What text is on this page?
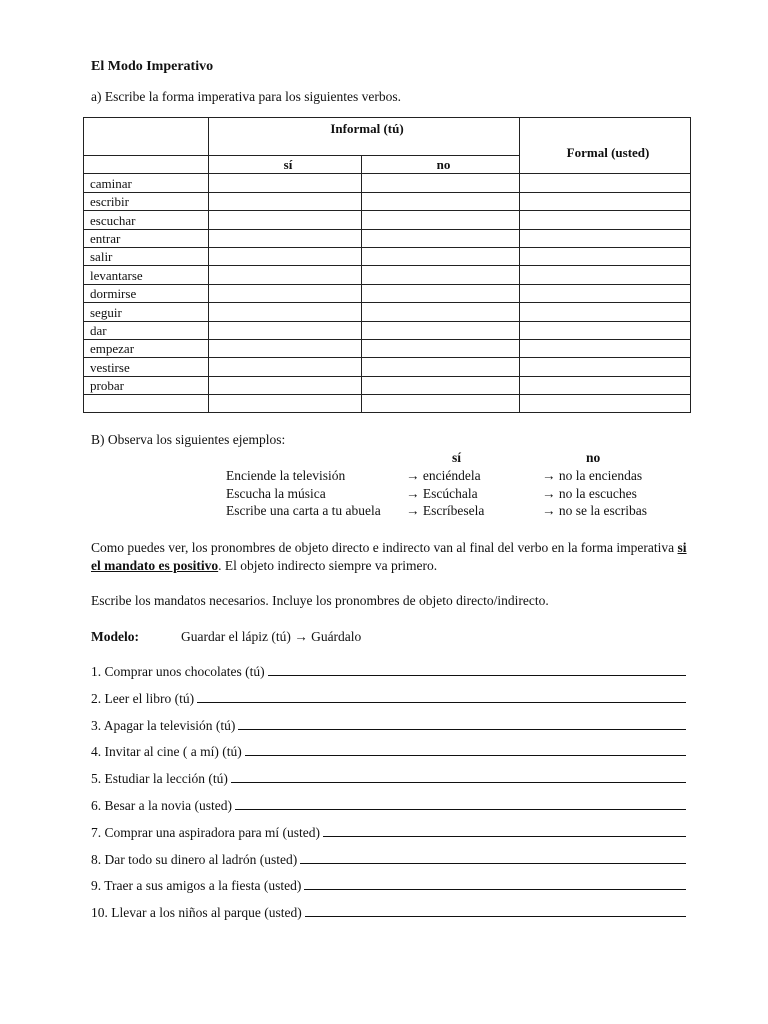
El Modo Imperativo
a) Escribe la forma imperativa para los siguientes verbos.
	Informal (tú)		Formal (usted)
	sí	no	
caminar			
escribir			
escuchar			
entrar			
salir			
levantarse			
dormirse			
seguir			
dar			
empezar			
vestirse			
probar			

B) Observa los siguientes ejemplos:
sí	no
Enciende la televisión	→ enciéndela	→ no la enciendas
Escucha la música	→ Escúchala	→ no la escuches
Escribe una carta a tu abuela → Escríbesela	→ no se la escribas
Como puedes ver, los pronombres de objeto directo e indirecto van al final del verbo en la forma imperativa si el mandato es positivo. El objeto indirecto siempre va primero.
Escribe los mandatos necesarios. Incluye los pronombres de objeto directo/indirecto.
Modelo:	Guardar el lápiz (tú) → Guárdalo
1. Comprar unos chocolates (tú)
2. Leer el libro (tú)
3. Apagar la televisión (tú)
4. Invitar al cine ( a mí) (tú)
5. Estudiar la lección (tú)
6. Besar a la novia (usted)
7. Comprar una aspiradora para mí (usted)
8. Dar todo su dinero al ladrón (usted)
9. Traer a sus amigos a la fiesta (usted)
10. Llevar a los niños al parque (usted)
